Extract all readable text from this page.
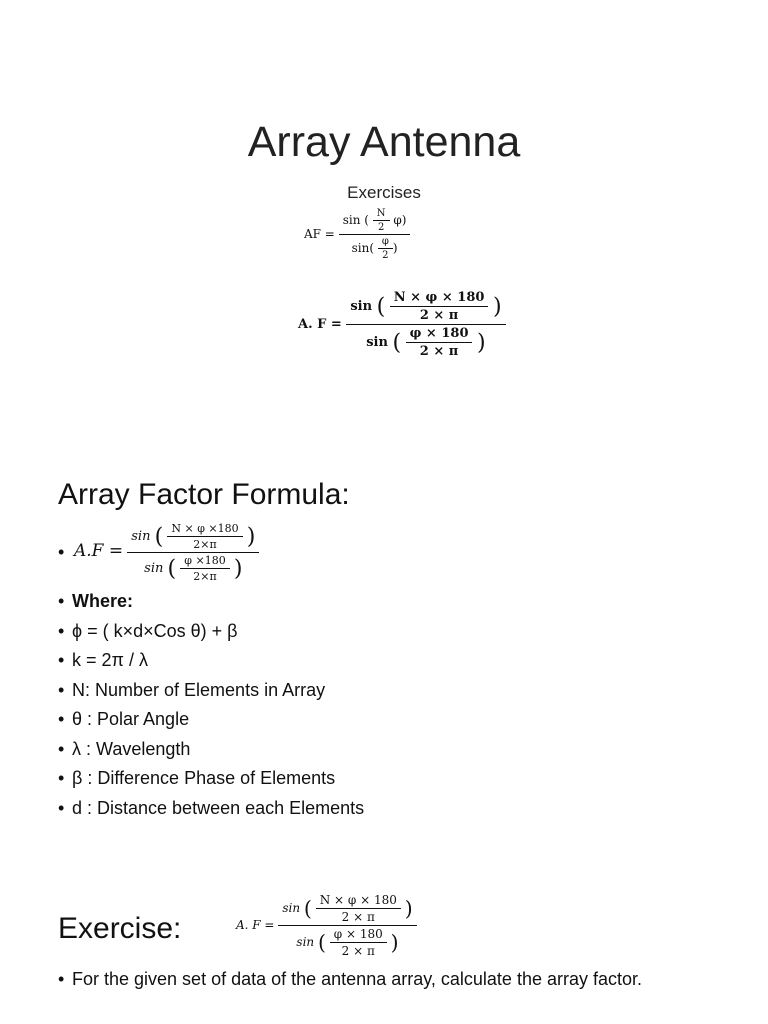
Array Antenna
Exercises
AF = $\frac{\sin ( \frac{N}{2} \varphi)}{\sin( \frac{\varphi}{2} )}$
A. F =
sin ( $\frac{N \times \varphi \times 180}{2 \times \pi}$ )
sin ( $\frac{\varphi \times 180}{2 \times \pi}$ )
Array Factor Formula:
• A.F =
sin ( $\frac{N \times \varphi \times 180}{2\times\pi}$ )
sin ( $\frac{\varphi \times 180}{2\times\pi}$ )
• Where:
• ϕ = ( k×d×Cos θ) + β
• k = 2π / λ
• N: Number of Elements in Array
• θ : Polar Angle
• λ : Wavelength
• β : Difference Phase of Elements
• d : Distance between each Elements
Exercise:	A. F =
sin ( $\frac{N \times \varphi \times 180}{2 \times \pi}$ )
sin ( $\frac{\varphi \times 180}{2 \times \pi}$ )
• For the given set of data of the antenna array, calculate the array factor.
